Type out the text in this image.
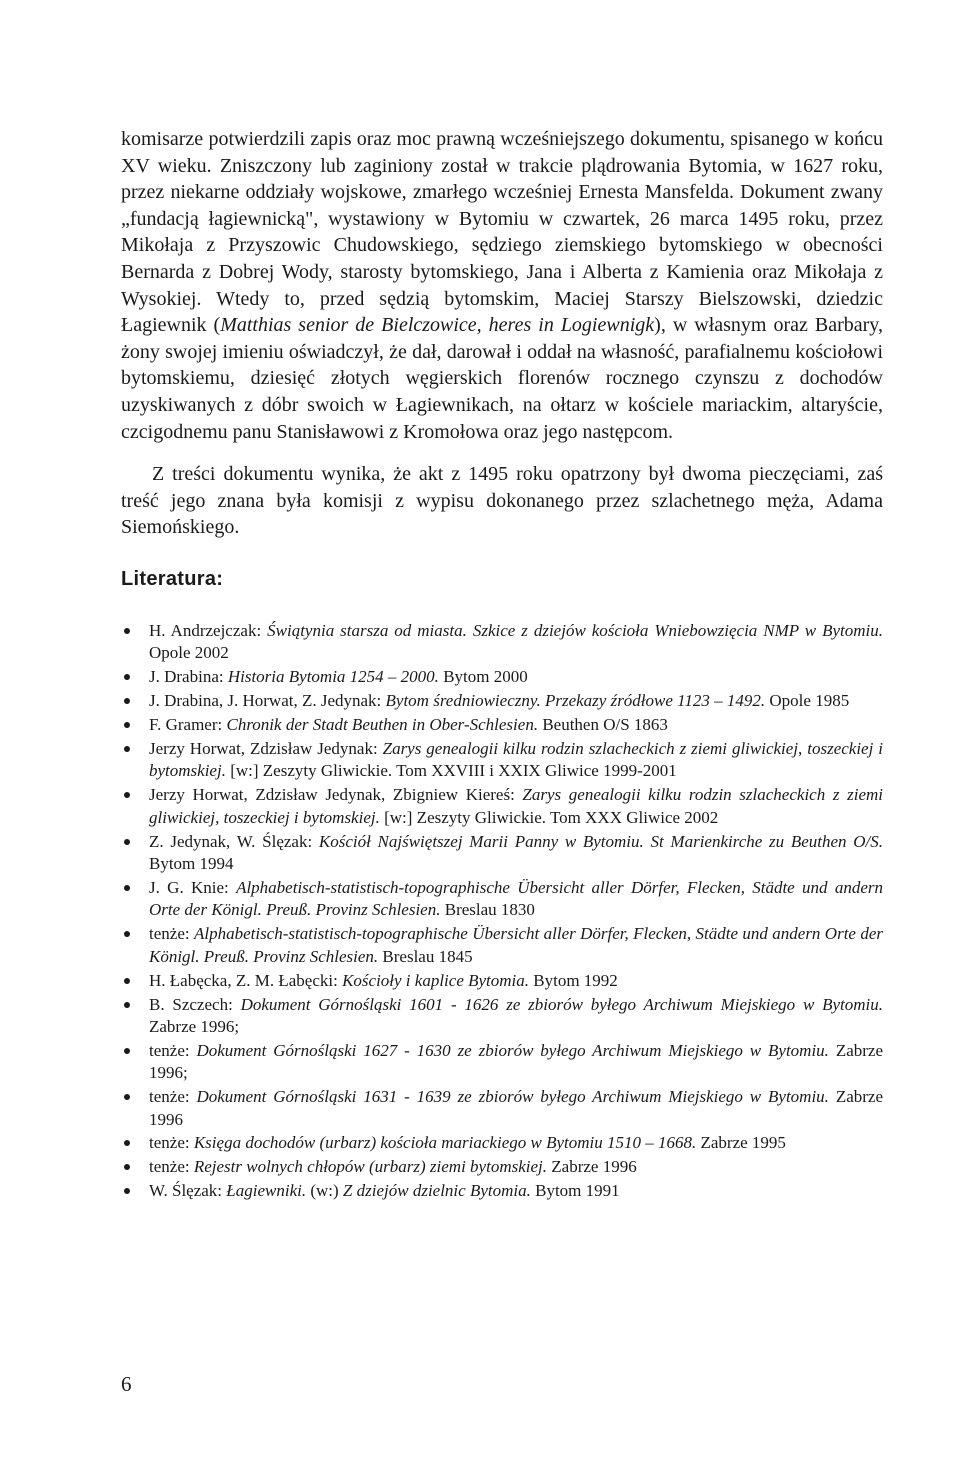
komisarze potwierdzili zapis oraz moc prawną wcześniejszego dokumentu, spisanego w końcu XV wieku. Zniszczony lub zaginiony został w trakcie plądrowania Bytomia, w 1627 roku, przez niekarne oddziały wojskowe, zmarłego wcześniej Ernesta Mansfelda. Dokument zwany „fundacją łagiewnicką", wystawiony w Bytomiu w czwartek, 26 marca 1495 roku, przez Mikołaja z Przyszowic Chudowskiego, sędziego ziemskiego bytomskiego w obecności Bernarda z Dobrej Wody, starosty bytomskiego, Jana i Alberta z Kamienia oraz Mikołaja z Wysokiej. Wtedy to, przed sędzią bytomskim, Maciej Starszy Bielszowski, dziedzic Łagiewnik (Matthias senior de Bielczowice, heres in Logiewnigk), w własnym oraz Barbary, żony swojej imieniu oświadczył, że dał, darował i oddał na własność, parafialnemu kościołowi bytomskiemu, dziesięć złotych węgierskich florenów rocznego czynszu z dochodów uzyskiwanych z dóbr swoich w Łagiewnikach, na ołtarz w kościele mariackim, altaryście, czcigodnemu panu Stanisławowi z Kromołowa oraz jego następcom.

Z treści dokumentu wynika, że akt z 1495 roku opatrzony był dwoma pieczęciami, zaś treść jego znana była komisji z wypisu dokonanego przez szlachetnego męża, Adama Siemońskiego.

Literatura:
H. Andrzejczak: Świątynia starsza od miasta. Szkice z dziejów kościoła Wniebowzięcia NMP w Bytomiu. Opole 2002
J. Drabina: Historia Bytomia 1254 – 2000. Bytom 2000
J. Drabina, J. Horwat, Z. Jedynak: Bytom średniowieczny. Przekazy źródłowe 1123 – 1492. Opole 1985
F. Gramer: Chronik der Stadt Beuthen in Ober-Schlesien. Beuthen O/S 1863
Jerzy Horwat, Zdzisław Jedynak: Zarys genealogii kilku rodzin szlacheckich z ziemi gliwickiej, toszeckiej i bytomskiej. [w:] Zeszyty Gliwickie. Tom XXVIII i XXIX Gliwice 1999-2001
Jerzy Horwat, Zdzisław Jedynak, Zbigniew Kiereś: Zarys genealogii kilku rodzin szlacheckich z ziemi gliwickiej, toszeckiej i bytomskiej. [w:] Zeszyty Gliwickie. Tom XXX Gliwice 2002
Z. Jedynak, W. Ślęzak: Kościół Najświętszej Marii Panny w Bytomiu. St Marienkirche zu Beuthen O/S. Bytom 1994
J. G. Knie: Alphabetisch-statistisch-topographische Übersicht aller Dörfer, Flecken, Städte und andern Orte der Königl. Preuß. Provinz Schlesien. Breslau 1830
tenże: Alphabetisch-statistisch-topographische Übersicht aller Dörfer, Flecken, Städte und andern Orte der Königl. Preuß. Provinz Schlesien. Breslau 1845
H. Łabęcka, Z. M. Łabęcki: Kościoły i kaplice Bytomia. Bytom 1992
B. Szczech: Dokument Górnośląski 1601 - 1626 ze zbiorów byłego Archiwum Miejskiego w Bytomiu. Zabrze 1996;
tenże: Dokument Górnośląski 1627 - 1630 ze zbiorów byłego Archiwum Miejskiego w Bytomiu. Zabrze 1996;
tenże: Dokument Górnośląski 1631 - 1639 ze zbiorów byłego Archiwum Miejskiego w Bytomiu. Zabrze 1996
tenże: Księga dochodów (urbarz) kościoła mariackiego w Bytomiu 1510 – 1668. Zabrze 1995
tenże: Rejestr wolnych chłopów (urbarz) ziemi bytomskiej. Zabrze 1996
W. Ślęzak: Łagiewniki. (w:) Z dziejów dzielnic Bytomia. Bytom 1991
6
